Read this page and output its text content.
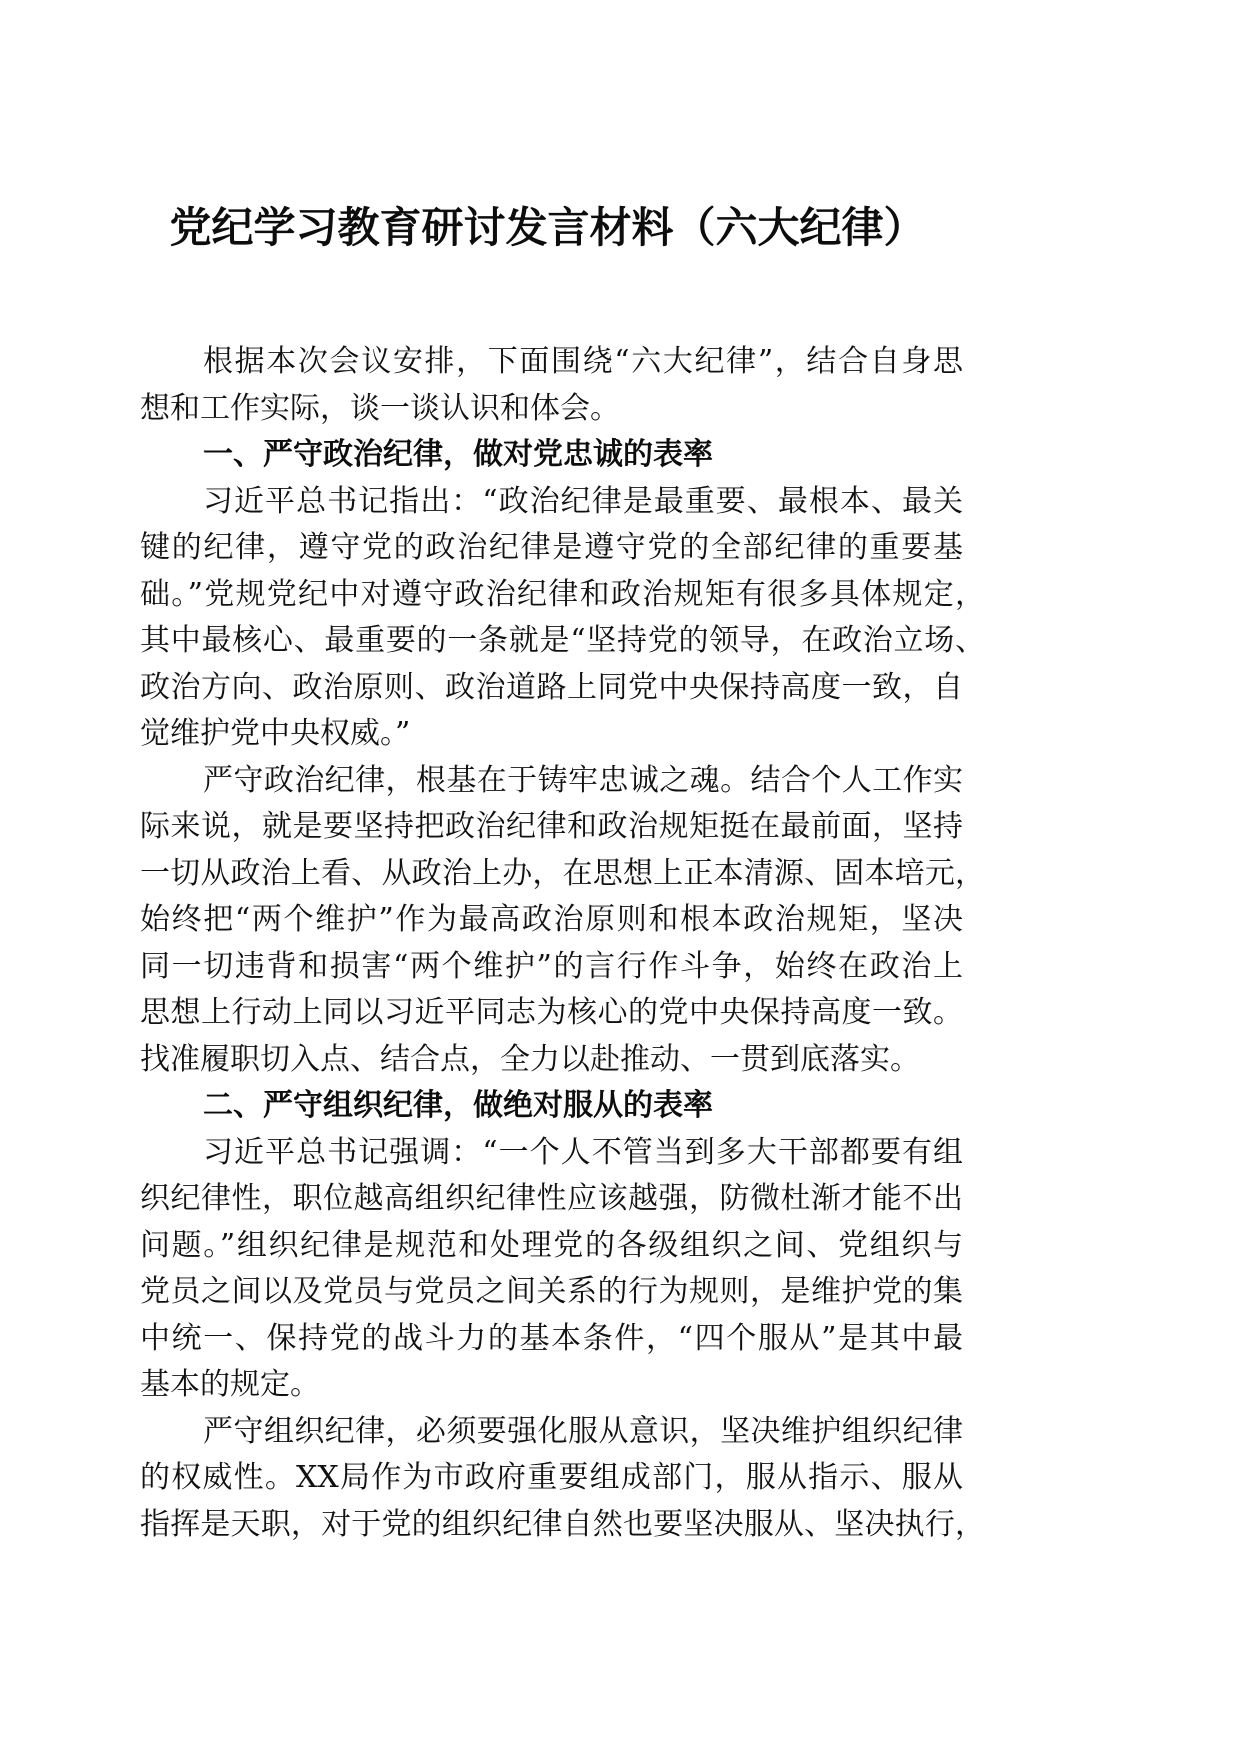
党纪学习教育研讨发言材料（六大纪律）
根据本次会议安排，下面围绕“六大纪律”，结合自身思
想和工作实际，谈一谈认识和体会。
一、严守政治纪律，做对党忠诚的表率
习近平总书记指出：“政治纪律是最重要、最根本、最关
键的纪律，遵守党的政治纪律是遵守党的全部纪律的重要基
础。”党规党纪中对遵守政治纪律和政治规矩有很多具体规定，
其中最核心、最重要的一条就是“坚持党的领导，在政治立场、
政治方向、政治原则、政治道路上同党中央保持高度一致，自
觉维护党中央权威。”
严守政治纪律，根基在于铸牢忠诚之魂。结合个人工作实
际来说，就是要坚持把政治纪律和政治规矩挺在最前面，坚持
一切从政治上看、从政治上办，在思想上正本清源、固本培元，
始终把“两个维护”作为最高政治原则和根本政治规矩，坚决
同一切违背和损害“两个维护”的言行作斗争，始终在政治上
思想上行动上同以习近平同志为核心的党中央保持高度一致。
找准履职切入点、结合点，全力以赴推动、一贯到底落实。
二、严守组织纪律，做绝对服从的表率
习近平总书记强调：“一个人不管当到多大干部都要有组
织纪律性，职位越高组织纪律性应该越强，防微杜渐才能不出
问题。”组织纪律是规范和处理党的各级组织之间、党组织与
党员之间以及党员与党员之间关系的行为规则，是维护党的集
中统一、保持党的战斗力的基本条件，“四个服从”是其中最
基本的规定。
严守组织纪律，必须要强化服从意识，坚决维护组织纪律
的权威性。XX局作为市政府重要组成部门，服从指示、服从
指挥是天职，对于党的组织纪律自然也要坚决服从、坚决执行，
